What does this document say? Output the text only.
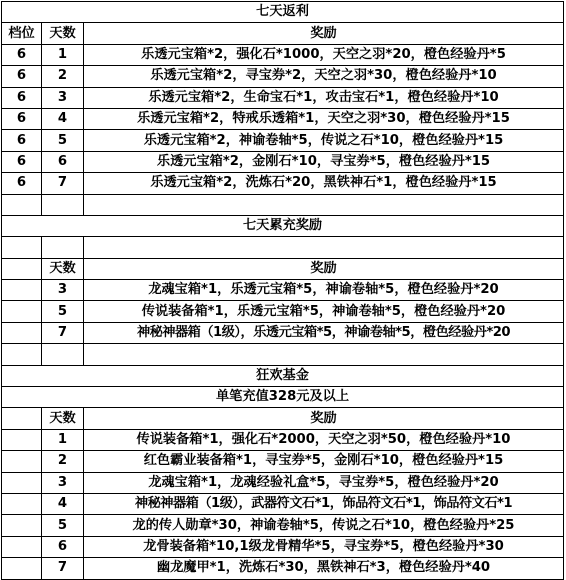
七天返利		
档位	天数	奖励
6	1	乐透元宝箱*2，强化石*1000，天空之羽*20，橙色经验丹*5
6	2	乐透元宝箱*2，寻宝券*2，天空之羽*30，橙色经验丹*10
6	3	乐透元宝箱*2，生命宝石*1，攻击宝石*1，橙色经验丹*10
6	4	乐透元宝箱*2，特戒乐透箱*1，天空之羽*30，橙色经验丹*15
6	5	乐透元宝箱*2，神谕卷轴*5，传说之石*10，橙色经验丹*15
6	6	乐透元宝箱*2，金刚石*10，寻宝券*5，橙色经验丹*15
6	7	乐透元宝箱*2，洗炼石*20，黑铁神石*1，橙色经验丹*15

七天累充奖励		

	天数	奖励
	3	龙魂宝箱*1，乐透元宝箱*5，神谕卷轴*5，橙色经验丹*20
	5	传说装备箱*1，乐透元宝箱*5，神谕卷轴*5，橙色经验丹*20
	7	神秘神器箱（1级），乐透元宝箱*5，神谕卷轴*5，橙色经验丹*20

狂欢基金		
单笔充值328元及以上		
	天数	奖励
	1	传说装备箱*1，强化石*2000，天空之羽*50，橙色经验丹*10
	2	红色霸业装备箱*1，寻宝券*5，金刚石*10，橙色经验丹*15
	3	龙魂宝箱*1，龙魂经验礼盒*5，寻宝券*5，橙色经验丹*20
	4	神秘神器箱（1级），武器符文石*1，饰品符文石*1，饰品符文石*1
	5	龙的传人勋章*30，神谕卷轴*5，传说之石*10，橙色经验丹*25
	6	龙骨装备箱*10,1级龙骨精华*5，寻宝券*5，橙色经验丹*30
	7	幽龙魔甲*1，洗炼石*30，黑铁神石*3，橙色经验丹*40
